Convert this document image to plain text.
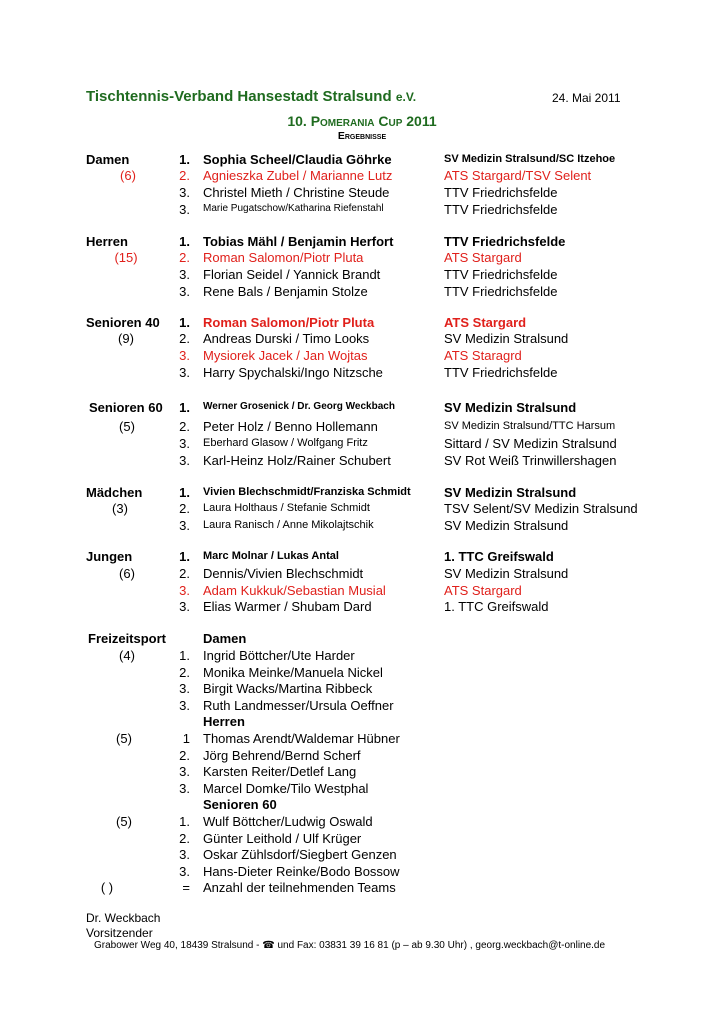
Tischtennis-Verband Hansestadt Stralsund e.V.	24. Mai 2011
10. Pomerania Cup 2011
Ergebnisse
Damen
(6)
1. Sophia Scheel/Claudia Göhrke	SV Medizin Stralsund/SC Itzehoe
2. Agnieszka Zubel / Marianne Lutz	ATS Stargard/TSV Selent
3. Christel Mieth / Christine Steude	TTV Friedrichsfelde
3. Marie Pugatschow/Katharina Riefenstahl	TTV Friedrichsfelde
Herren
(15)
1. Tobias Mähl / Benjamin Herfort	TTV Friedrichsfelde
2. Roman Salomon/Piotr Pluta	ATS Stargard
3. Florian Seidel / Yannick Brandt	TTV Friedrichsfelde
3. Rene Bals / Benjamin Stolze	TTV Friedrichsfelde
Senioren 40
(9)
1. Roman Salomon/Piotr Pluta	ATS Stargard
2. Andreas Durski / Timo Looks	SV Medizin Stralsund
3. Mysiorek Jacek / Jan Wojtas	ATS Staragrd
3. Harry Spychalski/Ingo Nitzsche	TTV Friedrichsfelde
Senioren 60
(5)
1. Werner Grosenick / Dr. Georg Weckbach	SV Medizin Stralsund
2. Peter Holz / Benno Hollemann	SV Medizin Stralsund/TTC Harsum
3. Eberhard Glasow / Wolfgang Fritz	Sittard / SV Medizin Stralsund
3. Karl-Heinz Holz/Rainer Schubert	SV Rot Weiß Trinwillershagen
Mädchen
(3)
1. Vivien Blechschmidt/Franziska Schmidt	SV Medizin Stralsund
2. Laura Holthaus / Stefanie Schmidt	TSV Selent/SV Medizin Stralsund
3. Laura Ranisch / Anne Mikolajtschik	SV Medizin Stralsund
Jungen
(6)
1. Marc Molnar / Lukas Antal	1. TTC Greifswald
2. Dennis/Vivien Blechschmidt	SV Medizin Stralsund
3. Adam Kukkuk/Sebastian Musial	ATS Stargard
3. Elias Warmer / Shubam Dard	1. TTC Greifswald
Freizeitsport	Damen
(4)	1. Ingrid Böttcher/Ute Harder
2. Monika Meinke/Manuela Nickel
3. Birgit Wacks/Martina Ribbeck
3. Ruth Landmesser/Ursula Oeffner
Herren
(5)	1 Thomas Arendt/Waldemar Hübner
2. Jörg Behrend/Bernd Scherf
3. Karsten Reiter/Detlef Lang
3. Marcel Domke/Tilo Westphal
Senioren 60
(5)	1. Wulf Böttcher/Ludwig Oswald
2. Günter Leithold / Ulf Krüger
3. Oskar Zühlsdorf/Siegbert Genzen
3. Hans-Dieter Reinke/Bodo Bossow
( )	= Anzahl der teilnehmenden Teams
Dr. Weckbach
Vorsitzender
Grabower Weg 40, 18439 Stralsund - ☎ und Fax: 03831 39 16 81 (p – ab 9.30 Uhr) , georg.weckbach@t-online.de
